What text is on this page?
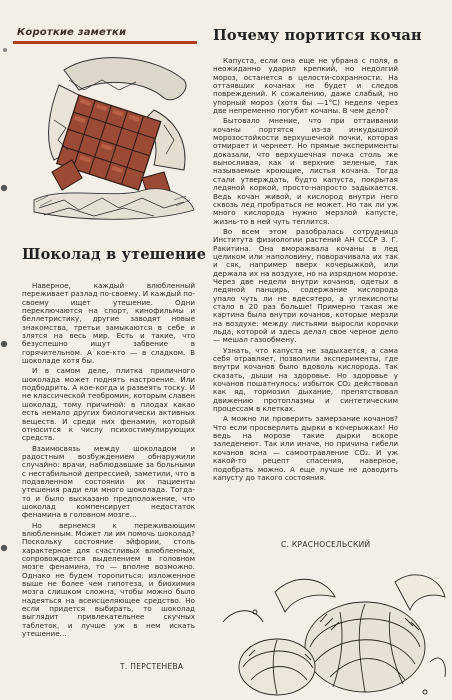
Короткие заметки
Шоколад в утешение

Наверное, каждый влюбленный переживает разлад по-своему. И каждый по-своему ищет утешение. Одни переключаются на спорт, кинофильмы и беллетристику, другие заводят новые знакомства, третьи замыкаются в себе и злятся на весь мир. Есть и такие, что безуспешно ищут забвение в горячительном. А кое-кто — в сладком. В шоколаде хотя бы.

И в самом деле, плитка приличного шоколада может поднять настроение. Или подбодрить. А кое-когда и развеять тоску. И не классической теобромин, которым славен шоколад, тому причиной: в плодах какао есть немало других биологически активных веществ. И среди них фенамин, который относится к числу психостимулирующих средств.

Взаимосвязь между шоколадом и радостным возбуждением обнаружили случайно: врачи, наблюдавшие за больными с нестабильной депрессией, заметили, что в подавленном состоянии их пациенты утешения ради ели много шоколада. Тогда-то и было высказано предположение, что шоколад компенсирует недостаток фенамина в головном мозге...

Но вернемся к переживающим влюбленным. Может ли им помочь шоколад? Поскольку состояние эйфории, столь характерное для счастливых влюбленных, сопровождается выделением в головном мозге фенамина, то — вполне возможно. Однако не будем торопиться: изложенное выше не более чем гипотеза, и биохимия мозга слишком сложна, чтобы можно было надеяться на всеисцеляющее средство. Но если придется выбирать, то шоколад выглядит привлекательнее скучных таблеток, и лучше уж в нем искать утешение...

Т. ПЕРСТЕНЕВА
Почему портится кочан

Капуста, если она еще не убрана с поля, в неожиданно ударил крепкий, но недолгий мороз, останется в целости-сохранности. На оттаявших кочанах не будет и следов повреждений. К сожалению, даже слабый, но упорный мороз (хотя бы —1°C) неделя через две непременно погубит кочаны. В чем дело?

Бытовало мнение, что при оттаивании кочаны портятся из-за инкудышной морозостойкости верхушечной почки, которая отмирает и чернеет. Но прямые эксперименты доказали, что верхушечная почка столь же выносливая, как и верхние зеленые, так называемые кроющие, листья кочана. Тогда стали утверждать, будто капуста, покрытая ледяной коркой, просто-напросто задыхается. Ведь кочан живой, и кислород внутри него сквозь лед пробраться не может. Но так ли уж много кислорода нужно мерзлой капусте, жизнь-то в ней чуть теплится.

Во всем этом разобралась сотрудница Института физиологии растений АН СССР З. Г. Ракитина. Она вморажвала кочаны в лед целиком или наполовину, поворачивала их так и сяк, например вверх кочерыжкой, или держала их на воздухе, но на изрядном морозе. Через две недели внутри кочанов, одетых в ледяной панцирь, содержание кислорода упало чуть ли не вдесятеро, а углекислоты стало в 20 раз больше! Примерно такая же картина была внутри кочанов, которые мерзли на воздухе: между листьями выросли корочки льда, которой и здесь делал свое черное дело — мешал газообмену.

Узнать, что капуста не задыхается, а сама себя отравляет, позволили эксперименты, где внутри кочанов было вдоволь кислорода. Так сказать, дыши на здоровье. Но здоровье у кочанов пошатнулось: избыток CO₂ действовал как яд, тормозил дыхание, препятствовал движению протоплазмы и синтетическим процессам в клетках.

А можно ли проверить замерзание кочанов? Что если просверлить дырки в кочерыжках! Но ведь на морозе такие дырки вскоре заледенеют. Так или иначе, но причина гибели кочанов ясна — самоотравление CO₂. И уж какой-то рецепт спасения, наверное, подобрать можно. А еще лучше не доводить капусту до такого состояния.

С. КРАСНОСЕЛЬСКИЙ
